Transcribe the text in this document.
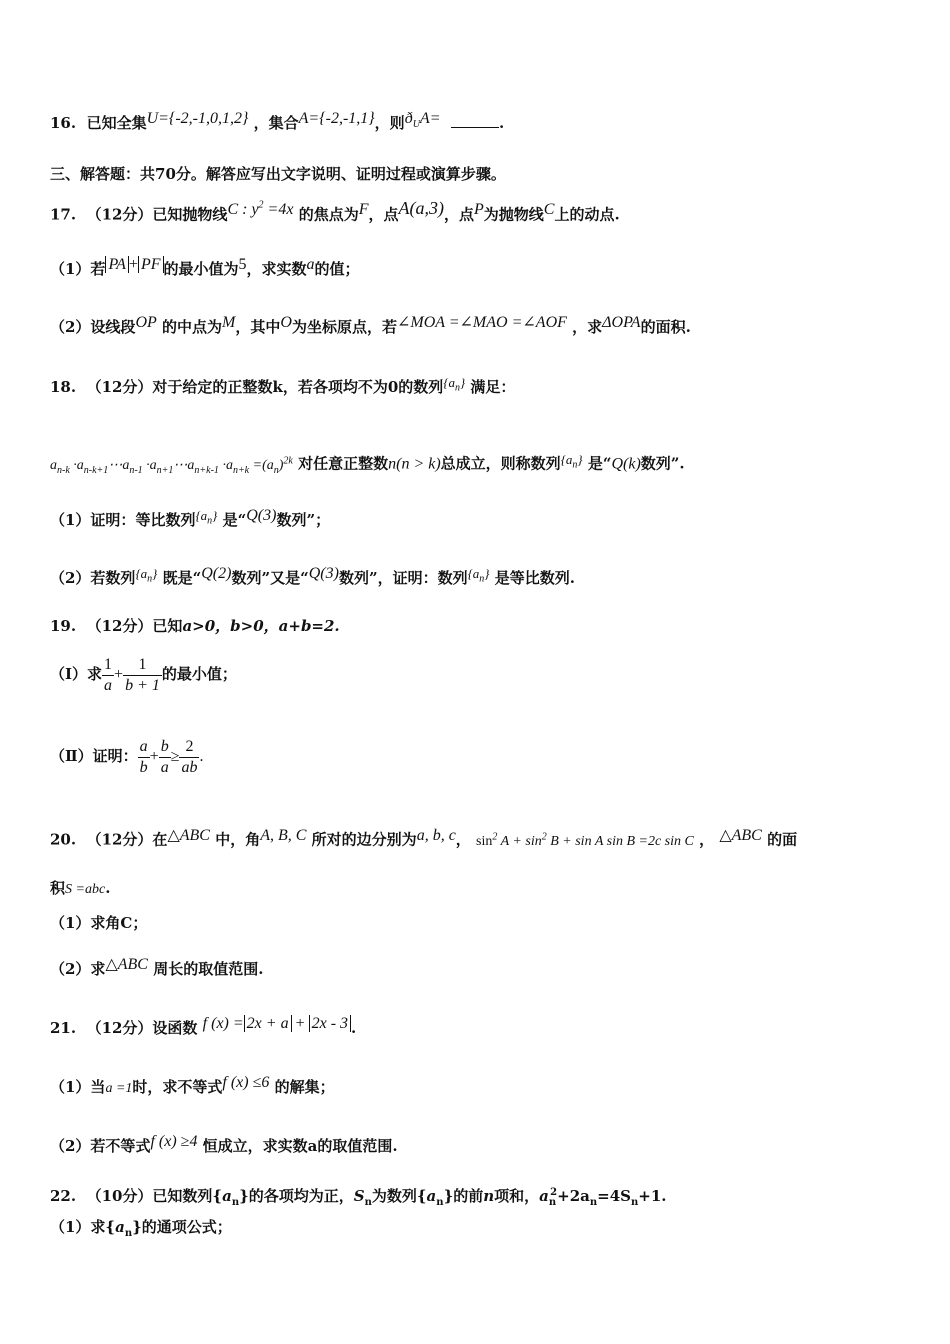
16. 已知全集U={-2,-1,0,1,2} ，集合A={-2,-1,1}，则$ð_UA=$	.
三、解答题：共70分。解答应写出文字说明、证明过程或演算步骤。
17. （12分）已知抛物线C : $y^2 =4x$ 的焦点为F，点A(a,3)，点P为抛物线C上的动点.
（1）若 PA + PF 的最小值为5，求实数a的值；
（2）设线段OP 的中点为M，其中O为坐标原点，若∠MOA =∠MAO =∠AOF ，求ΔOPA的面积.
18. （12分）对于给定的正整数k，若各项均不为0的数列$\{a_n\}$ 满足：
$a_{n-k}$ $\cdot a_{n-k+1}\cdots a_{n-1}$ $\cdot a_{n+1}\cdots a_{n+k-1} \cdot a_{n+k} =(a_n)^{2k}$ 对任意正整数n(n > k)总成立，则称数列$\{a_n\}$ 是“Q(k)数列”.
（1）证明：等比数列$\{a_n\}$ 是“Q(3)数列”；
（2）若数列$\{a_n\}$ 既是“Q(2)数列”又是“Q(3)数列”，证明：数列$\{a_n\}$ 是等比数列.
19. （12分）已知a>0，b>0，a+b=2.
（Ⅰ）求 $\frac{1}{a} + \frac{1}{b + 1}$ 的最小值；
（Ⅱ）证明： $\frac{a}{b} + \frac{b}{a} \ge \frac{2}{ab}$ .
20. （12分）在△ABC 中，角A, B, C 所对的边分别为a, b, c， $\sin^2 A + \sin^2 B + \sin A$ sin B =2c sin C ， △ABC 的面
积S =abc.
（1）求角C；
（2）求△ABC 周长的取值范围.
21. （12分）设函数 f (x) = 2x + a + 2x - 3 .
（1）当a =1时，求不等式f (x) ≤6 的解集；
（2）若不等式f (x) ≥4 恒成立，求实数a的取值范围.
22. （10分）已知数列$\{a_n\}$的各项均为正，$S_n$为数列$\{a_n\}$的前n项和，$a_n^2+2a_n=4S_n+1$.
（1）求$\{a_n\}$的通项公式；
